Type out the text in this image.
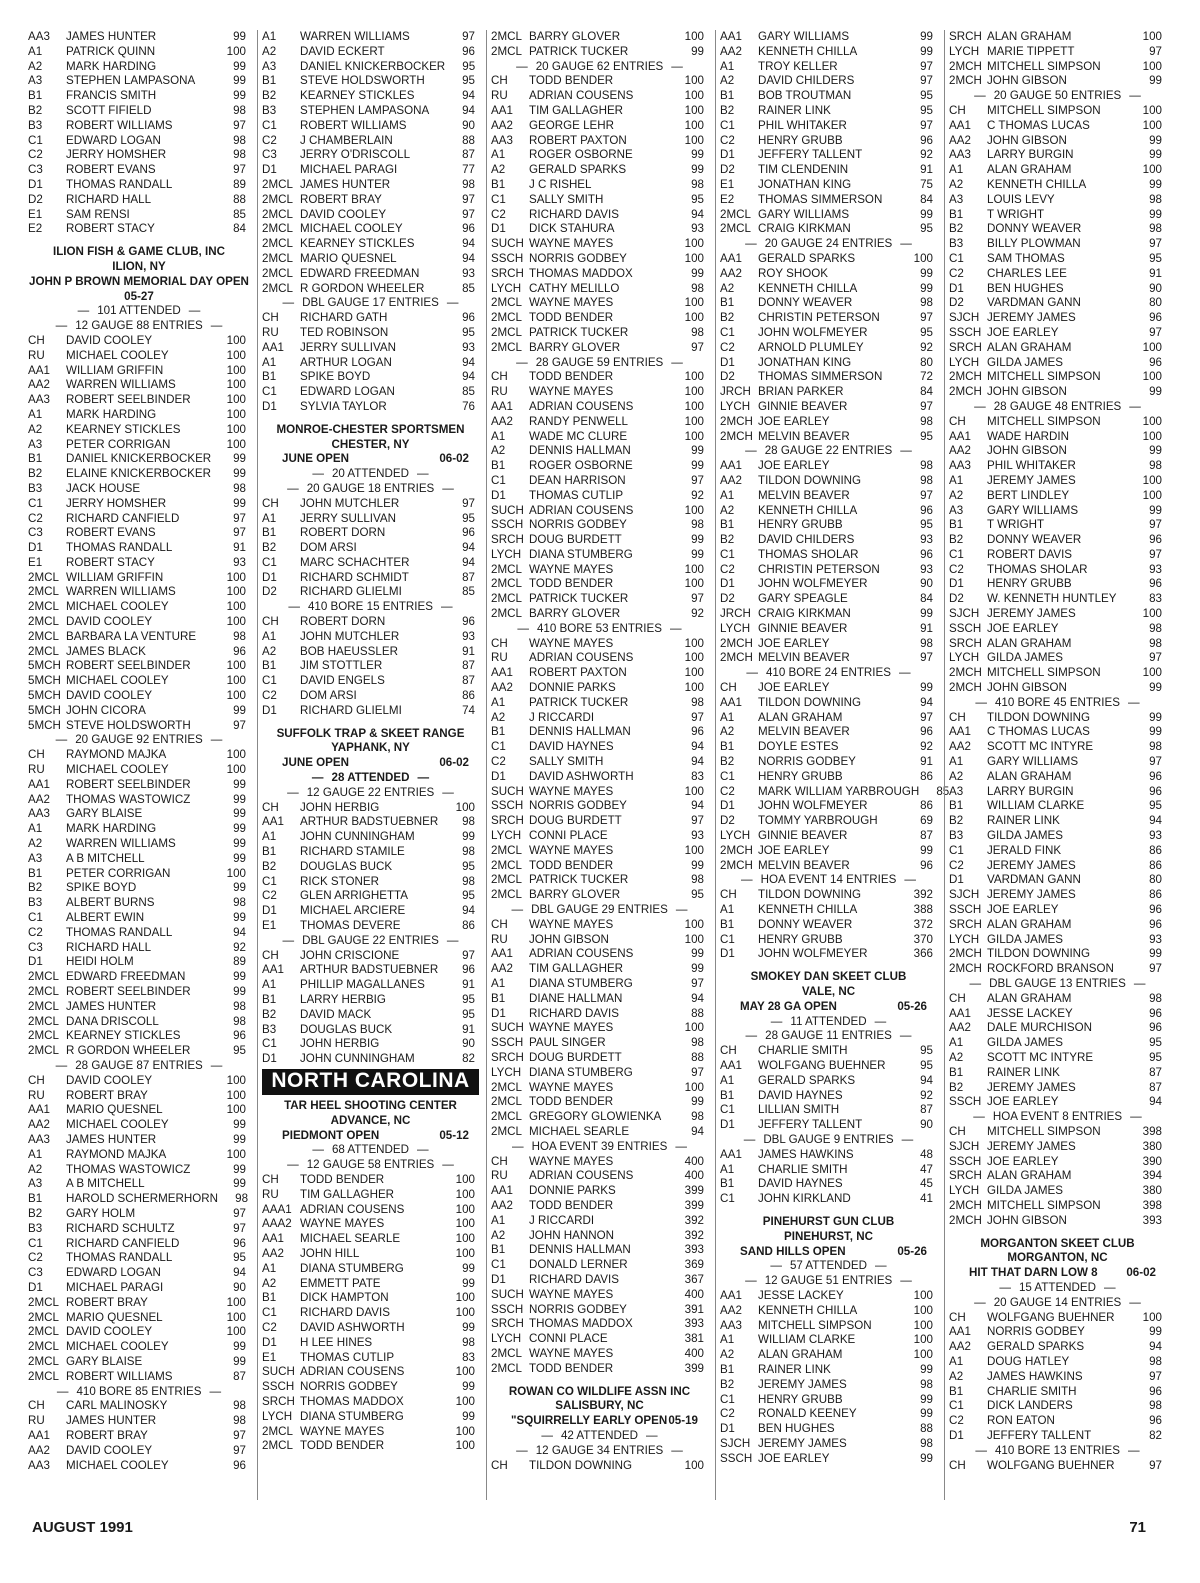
AA3	JAMES HUNTER	99
A1	PATRICK QUINN	100
A2	MARK HARDING	99
A3	STEPHEN LAMPASONA	99
B1	FRANCIS SMITH	99
B2	SCOTT FIFIELD	98
B3	ROBERT WILLIAMS	97
C1	EDWARD LOGAN	98
C2	JERRY HOMSHER	98
C3	ROBERT EVANS	97
D1	THOMAS RANDALL	89
D2	RICHARD HALL	88
E1	SAM RENSI	85
E2	ROBERT STACY	84
ILION FISH & GAME CLUB, INC
ILION, NY
JOHN P BROWN MEMORIAL DAY OPEN
05-27
— 101 ATTENDED —
— 12 GAUGE 88 ENTRIES —
CH	DAVID COOLEY	100
RU	MICHAEL COOLEY	100
AA1	WILLIAM GRIFFIN	100
AA2	WARREN WILLIAMS	100
AA3	ROBERT SEELBINDER	100
A1	MARK HARDING	100
A2	KEARNEY STICKLES	100
A3	PETER CORRIGAN	100
B1	DANIEL KNICKERBOCKER	99
B2	ELAINE KNICKERBOCKER	99
B3	JACK HOUSE	98
C1	JERRY HOMSHER	99
C2	RICHARD CANFIELD	97
C3	ROBERT EVANS	97
D1	THOMAS RANDALL	91
E1	ROBERT STACY	93
2MCL WILLIAM GRIFFIN	100
2MCL WARREN WILLIAMS	100
2MCL MICHAEL COOLEY	100
2MCL DAVID COOLEY	100
2MCL BARBARA LA VENTURE	98
2MCL JAMES BLACK	96
5MCH ROBERT SEELBINDER	100
5MCH MICHAEL COOLEY	100
5MCH DAVID COOLEY	100
5MCH JOHN CICORA	99
5MCH STEVE HOLDSWORTH	97
— 20 GAUGE 92 ENTRIES —
CH	RAYMOND MAJKA	100
RU	MICHAEL COOLEY	100
AA1	ROBERT SEELBINDER	99
AA2	THOMAS WASTOWICZ	99
AA3	GARY BLAISE	99
A1	MARK HARDING	99
A2	WARREN WILLIAMS	99
A3	A B MITCHELL	99
B1	PETER CORRIGAN	100
B2	SPIKE BOYD	99
B3	ALBERT BURNS	98
C1	ALBERT EWIN	99
C2	THOMAS RANDALL	94
C3	RICHARD HALL	92
D1	HEIDI HOLM	89
2MCL EDWARD FREEDMAN	99
2MCL ROBERT SEELBINDER	99
2MCL JAMES HUNTER	98
2MCL DANA DRISCOLL	98
2MCL KEARNEY STICKLES	96
2MCL R GORDON WHEELER	95
— 28 GAUGE 87 ENTRIES —
CH	DAVID COOLEY	100
RU	ROBERT BRAY	100
AA1	MARIO QUESNEL	100
AA2	MICHAEL COOLEY	99
AA3	JAMES HUNTER	99
A1	RAYMOND MAJKA	100
A2	THOMAS WASTOWICZ	99
A3	A B MITCHELL	99
B1	HAROLD SCHERMERHORN	98
B2	GARY HOLM	97
B3	RICHARD SCHULTZ	97
C1	RICHARD CANFIELD	96
C2	THOMAS RANDALL	95
C3	EDWARD LOGAN	94
D1	MICHAEL PARAGI	90
2MCL ROBERT BRAY	100
2MCL MARIO QUESNEL	100
2MCL DAVID COOLEY	100
2MCL MICHAEL COOLEY	99
2MCL GARY BLAISE	99
2MCL ROBERT WILLIAMS	87
— 410 BORE 85 ENTRIES —
CH	CARL MALINOSKY	98
RU	JAMES HUNTER	98
AA1	ROBERT BRAY	97
AA2	DAVID COOLEY	97
AA3	MICHAEL COOLEY	96
A1	WARREN WILLIAMS	97
A2	DAVID ECKERT	96
A3	DANIEL KNICKERBOCKER	95
B1	STEVE HOLDSWORTH	95
B2	KEARNEY STICKLES	94
B3	STEPHEN LAMPASONA	94
C1	ROBERT WILLIAMS	90
C2	J CHAMBERLAIN	88
C3	JERRY O'DRISCOLL	87
D1	MICHAEL PARAGI	77
2MCL JAMES HUNTER	98
2MCL ROBERT BRAY	97
2MCL DAVID COOLEY	97
2MCL MICHAEL COOLEY	96
2MCL KEARNEY STICKLES	94
2MCL MARIO QUESNEL	94
2MCL EDWARD FREEDMAN	93
2MCL R GORDON WHEELER	85
— DBL GAUGE 17 ENTRIES —
CH	RICHARD GATH	96
RU	TED ROBINSON	95
AA1	JERRY SULLIVAN	93
A1	ARTHUR LOGAN	94
B1	SPIKE BOYD	94
C1	EDWARD LOGAN	85
D1	SYLVIA TAYLOR	76
MONROE-CHESTER SPORTSMEN
CHESTER, NY
JUNE OPEN	06-02
— 20 ATTENDED —
— 20 GAUGE 18 ENTRIES —
CH	JOHN MUTCHLER	97
A1	JERRY SULLIVAN	95
B1	ROBERT DORN	96
B2	DOM ARSI	94
C1	MARC SCHACHTER	94
D1	RICHARD SCHMIDT	87
D2	RICHARD GLIELMI	85
— 410 BORE 15 ENTRIES —
CH	ROBERT DORN	96
A1	JOHN MUTCHLER	93
A2	BOB HAEUSSLER	91
B1	JIM STOTTLER	87
C1	DAVID ENGELS	87
C2	DOM ARSI	86
D1	RICHARD GLIELMI	74
SUFFOLK TRAP & SKEET RANGE
YAPHANK, NY
JUNE OPEN	06-02
— 28 ATTENDED —
— 12 GAUGE 22 ENTRIES —
CH	JOHN HERBIG	100
AA1	ARTHUR BADSTUEBNER	98
A1	JOHN CUNNINGHAM	99
B1	RICHARD STAMILE	98
B2	DOUGLAS BUCK	95
C1	RICK STONER	98
C2	GLEN ARRIGHETTA	95
D1	MICHAEL ARCIERE	94
E1	THOMAS DEVERE	86
— DBL GAUGE 22 ENTRIES —
CH	JOHN CRISCIONE	97
AA1	ARTHUR BADSTUEBNER	96
A1	PHILLIP MAGALLANES	91
B1	LARRY HERBIG	95
B2	DAVID MACK	95
B3	DOUGLAS BUCK	91
C1	JOHN HERBIG	90
D1	JOHN CUNNINGHAM	82
NORTH CAROLINA
TAR HEEL SHOOTING CENTER
ADVANCE, NC
PIEDMONT OPEN	05-12
— 68 ATTENDED —
— 12 GAUGE 58 ENTRIES —
CH	TODD BENDER	100
RU	TIM GALLAGHER	100
AAA1 ADRIAN COUSENS	100
AAA2 WAYNE MAYES	100
AA1	MICHAEL SEARLE	100
AA2	JOHN HILL	100
A1	DIANA STUMBERG	99
A2	EMMETT PATE	99
B1	DICK HAMPTON	100
C1	RICHARD DAVIS	100
C2	DAVID ASHWORTH	99
D1	H LEE HINES	98
E1	THOMAS CUTLIP	83
SUCH ADRIAN COUSENS	100
SSCH NORRIS GODBEY	99
SRCH THOMAS MADDOX	100
LYCH DIANA STUMBERG	99
2MCL WAYNE MAYES	100
2MCL TODD BENDER	100
2MCL BARRY GLOVER	100
2MCL PATRICK TUCKER	99
— 20 GAUGE 62 ENTRIES —
CH	TODD BENDER	100
RU	ADRIAN COUSENS	100
AA1	TIM GALLAGHER	100
AA2	GEORGE LEHR	100
AA3	ROBERT PAXTON	100
A1	ROGER OSBORNE	99
A2	GERALD SPARKS	99
B1	J C RISHEL	98
C1	SALLY SMITH	95
C2	RICHARD DAVIS	94
D1	DICK STAHURA	93
SUCH WAYNE MAYES	100
SSCH NORRIS GODBEY	100
SRCH THOMAS MADDOX	99
LYCH CATHY MELILLO	98
2MCL WAYNE MAYES	100
2MCL TODD BENDER	100
2MCL PATRICK TUCKER	98
2MCL BARRY GLOVER	97
— 28 GAUGE 59 ENTRIES —
CH	TODD BENDER	100
RU	WAYNE MAYES	100
AA1	ADRIAN COUSENS	100
AA2	RANDY PENWELL	100
A1	WADE MC CLURE	100
A2	DENNIS HALLMAN	99
B1	ROGER OSBORNE	99
C1	DEAN HARRISON	97
D1	THOMAS CUTLIP	92
SUCH ADRIAN COUSENS	100
SSCH NORRIS GODBEY	98
SRCH DOUG BURDETT	99
LYCH DIANA STUMBERG	99
2MCL WAYNE MAYES	100
2MCL TODD BENDER	100
2MCL PATRICK TUCKER	97
2MCL BARRY GLOVER	92
— 410 BORE 53 ENTRIES —
CH	WAYNE MAYES	100
RU	ADRIAN COUSENS	100
AA1	ROBERT PAXTON	100
AA2	DONNIE PARKS	100
A1	PATRICK TUCKER	98
A2	J RICCARDI	97
B1	DENNIS HALLMAN	96
C1	DAVID HAYNES	94
C2	SALLY SMITH	94
D1	DAVID ASHWORTH	83
SUCH WAYNE MAYES	100
SSCH NORRIS GODBEY	94
SRCH DOUG BURDETT	97
LYCH CONNI PLACE	93
2MCL WAYNE MAYES	100
2MCL TODD BENDER	99
2MCL PATRICK TUCKER	98
2MCL BARRY GLOVER	95
— DBL GAUGE 29 ENTRIES —
CH	WAYNE MAYES	100
RU	JOHN GIBSON	100
AA1	ADRIAN COUSENS	99
AA2	TIM GALLAGHER	99
A1	DIANA STUMBERG	97
B1	DIANE HALLMAN	94
D1	RICHARD DAVIS	88
SUCH WAYNE MAYES	100
SSCH PAUL SINGER	98
SRCH DOUG BURDETT	88
LYCH DIANA STUMBERG	97
2MCL WAYNE MAYES	100
2MCL TODD BENDER	99
2MCL GREGORY GLOWIENKA	98
2MCL MICHAEL SEARLE	94
— HOA EVENT 39 ENTRIES —
CH	WAYNE MAYES	400
RU	ADRIAN COUSENS	400
AA1	DONNIE PARKS	399
AA2	TODD BENDER	399
A1	J RICCARDI	392
A2	JOHN HANNON	392
B1	DENNIS HALLMAN	393
C1	DONALD LERNER	369
D1	RICHARD DAVIS	367
SUCH WAYNE MAYES	400
SSCH NORRIS GODBEY	391
SRCH THOMAS MADDOX	393
LYCH CONNI PLACE	381
2MCL WAYNE MAYES	400
2MCL TODD BENDER	399
ROWAN CO WILDLIFE ASSN INC
SALISBURY, NC
"SQUIRRELLY EARLY OPEN 05-19
— 42 ATTENDED —
— 12 GAUGE 34 ENTRIES —
CH	TILDON DOWNING	100
AA1	GARY WILLIAMS	99
AA2	KENNETH CHILLA	99
A1	TROY KELLER	97
A2	DAVID CHILDERS	97
B1	BOB TROUTMAN	95
B2	RAINER LINK	95
C1	PHIL WHITAKER	97
C2	HENRY GRUBB	96
D1	JEFFERY TALLENT	92
D2	TIM CLENDENIN	91
E1	JONATHAN KING	75
E2	THOMAS SIMMERSON	84
2MCL GARY WILLIAMS	99
2MCL CRAIG KIRKMAN	95
— 20 GAUGE 24 ENTRIES —
AA1	GERALD SPARKS	100
AA2	ROY SHOOK	99
A2	KENNETH CHILLA	99
B1	DONNY WEAVER	98
B2	CHRISTIN PETERSON	97
C1	JOHN WOLFMEYER	95
C2	ARNOLD PLUMLEY	92
D1	JONATHAN KING	80
D2	THOMAS SIMMERSON	72
JRCH BRIAN PARKER	84
LYCH GINNIE BEAVER	97
2MCH JOE EARLEY	98
2MCH MELVIN BEAVER	95
— 28 GAUGE 22 ENTRIES —
AA1	JOE EARLEY	98
AA2	TILDON DOWNING	98
A1	MELVIN BEAVER	97
A2	KENNETH CHILLA	96
B1	HENRY GRUBB	95
B2	DAVID CHILDERS	93
C1	THOMAS SHOLAR	96
C2	CHRISTIN PETERSON	93
D1	JOHN WOLFMEYER	90
D2	GARY SPEAGLE	84
JRCH CRAIG KIRKMAN	99
LYCH GINNIE BEAVER	91
2MCH JOE EARLEY	98
2MCH MELVIN BEAVER	97
— 410 BORE 24 ENTRIES —
CH	JOE EARLEY	99
AA1	TILDON DOWNING	94
A1	ALAN GRAHAM	97
A2	MELVIN BEAVER	96
B1	DOYLE ESTES	92
B2	NORRIS GODBEY	91
C1	HENRY GRUBB	86
C2	MARK WILLIAM YARBROUGH	85
D1	JOHN WOLFMEYER	86
D2	TOMMY YARBROUGH	69
LYCH GINNIE BEAVER	87
2MCH JOE EARLEY	99
2MCH MELVIN BEAVER	96
— HOA EVENT 14 ENTRIES —
CH	TILDON DOWNING	392
A1	KENNETH CHILLA	388
B1	DONNY WEAVER	372
C1	HENRY GRUBB	370
D1	JOHN WOLFMEYER	366
SMOKEY DAN SKEET CLUB
VALE, NC
MAY 28 GA OPEN	05-26
— 11 ATTENDED —
— 28 GAUGE 11 ENTRIES —
CH	CHARLIE SMITH	95
AA1	WOLFGANG BUEHNER	95
A1	GERALD SPARKS	94
B1	DAVID HAYNES	92
C1	LILLIAN SMITH	87
D1	JEFFERY TALLENT	90
— DBL GAUGE 9 ENTRIES —
AA1	JAMES HAWKINS	48
A1	CHARLIE SMITH	47
B1	DAVID HAYNES	45
C1	JOHN KIRKLAND	41
PINEHURST GUN CLUB
PINEHURST, NC
SAND HILLS OPEN	05-26
— 57 ATTENDED —
— 12 GAUGE 51 ENTRIES —
AA1	JESSE LACKEY	100
AA2	KENNETH CHILLA	100
AA3	MITCHELL SIMPSON	100
A1	WILLIAM CLARKE	100
A2	ALAN GRAHAM	100
B1	RAINER LINK	99
B2	JEREMY JAMES	98
C1	HENRY GRUBB	99
C2	RONALD KEENEY	99
D1	BEN HUGHES	88
SJCH JEREMY JAMES	98
SSCH JOE EARLEY	99
SRCH ALAN GRAHAM	100
LYCH MARIE TIPPETT	97
2MCH MITCHELL SIMPSON	100
2MCH JOHN GIBSON	99
— 20 GAUGE 50 ENTRIES —
CH	MITCHELL SIMPSON	100
AA1	C THOMAS LUCAS	100
AA2	JOHN GIBSON	99
AA3	LARRY BURGIN	99
A1	ALAN GRAHAM	100
A2	KENNETH CHILLA	99
A3	LOUIS LEVY	98
B1	T WRIGHT	99
B2	DONNY WEAVER	98
B3	BILLY PLOWMAN	97
C1	SAM THOMAS	95
C2	CHARLES LEE	91
D1	BEN HUGHES	90
D2	VARDMAN GANN	80
SJCH JEREMY JAMES	96
SSCH JOE EARLEY	97
SRCH ALAN GRAHAM	100
LYCH GILDA JAMES	96
2MCH MITCHELL SIMPSON	100
2MCH JOHN GIBSON	99
— 28 GAUGE 48 ENTRIES —
CH	MITCHELL SIMPSON	100
AA1	WADE HARDIN	100
AA2	JOHN GIBSON	99
AA3	PHIL WHITAKER	98
A1	JEREMY JAMES	100
A2	BERT LINDLEY	100
A3	GARY WILLIAMS	99
B1	T WRIGHT	97
B2	DONNY WEAVER	96
C1	ROBERT DAVIS	97
C2	THOMAS SHOLAR	93
D1	HENRY GRUBB	96
D2	W. KENNETH HUNTLEY	83
SJCH JEREMY JAMES	100
SSCH JOE EARLEY	98
SRCH ALAN GRAHAM	98
LYCH GILDA JAMES	97
2MCH MITCHELL SIMPSON	100
2MCH JOHN GIBSON	99
— 410 BORE 45 ENTRIES —
CH	TILDON DOWNING	99
AA1	C THOMAS LUCAS	99
AA2	SCOTT MC INTYRE	98
A1	GARY WILLIAMS	97
A2	ALAN GRAHAM	96
A3	LARRY BURGIN	96
B1	WILLIAM CLARKE	95
B2	RAINER LINK	94
B3	GILDA JAMES	93
C1	JERALD FINK	86
C2	JEREMY JAMES	86
D1	VARDMAN GANN	80
SJCH JEREMY JAMES	86
SSCH JOE EARLEY	96
SRCH ALAN GRAHAM	96
LYCH GILDA JAMES	93
2MCH TILDON DOWNING	99
2MCH ROCKFORD BRANSON	97
— DBL GAUGE 13 ENTRIES —
CH	ALAN GRAHAM	98
AA1	JESSE LACKEY	96
AA2	DALE MURCHISON	96
A1	GILDA JAMES	95
A2	SCOTT MC INTYRE	95
B1	RAINER LINK	87
B2	JEREMY JAMES	87
SSCH JOE EARLEY	94
— HOA EVENT 8 ENTRIES —
CH	MITCHELL SIMPSON	398
SJCH JEREMY JAMES	380
SSCH JOE EARLEY	390
SRCH ALAN GRAHAM	394
LYCH GILDA JAMES	380
2MCH MITCHELL SIMPSON	398
2MCH JOHN GIBSON	393
MORGANTON SKEET CLUB
MORGANTON, NC
HIT THAT DARN LOW 8 06-02
— 15 ATTENDED —
— 20 GAUGE 14 ENTRIES —
CH	WOLFGANG BUEHNER	100
AA1	NORRIS GODBEY	99
AA2	GERALD SPARKS	94
A1	DOUG HATLEY	98
A2	JAMES HAWKINS	97
B1	CHARLIE SMITH	96
C1	DICK LANDERS	98
C2	RON EATON	96
D1	JEFFERY TALLENT	82
— 410 BORE 13 ENTRIES —
CH	WOLFGANG BUEHNER	97
AUGUST 1991	71
